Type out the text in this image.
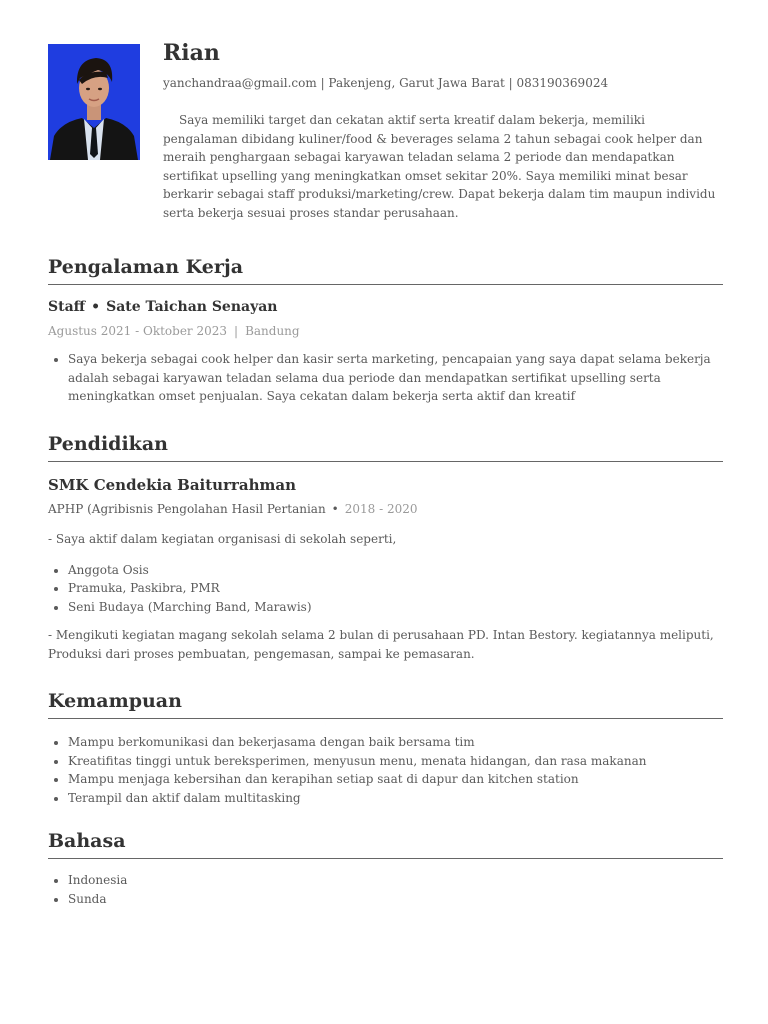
Rian
yanchandraa@gmail.com | Pakenjeng, Garut Jawa Barat | 083190369024
Saya memiliki target dan cekatan aktif serta kreatif dalam bekerja, memiliki pengalaman dibidang kuliner/food & beverages selama 2 tahun sebagai cook helper dan meraih penghargaan sebagai karyawan teladan selama 2 periode dan mendapatkan sertifikat upselling yang meningkatkan omset sekitar 20%. Saya memiliki minat besar berkarir sebagai staff produksi/marketing/crew. Dapat bekerja dalam tim maupun individu serta bekerja sesuai proses standar perusahaan.
Pengalaman Kerja
Staff • Sate Taichan Senayan
Agustus 2021 - Oktober 2023 | Bandung
• Saya bekerja sebagai cook helper dan kasir serta marketing, pencapaian yang saya dapat selama bekerja adalah sebagai karyawan teladan selama dua periode dan mendapatkan sertifikat upselling serta meningkatkan omset penjualan. Saya cekatan dalam bekerja serta aktif dan kreatif
Pendidikan
SMK Cendekia Baiturrahman
APHP (Agribisnis Pengolahan Hasil Pertanian • 2018 - 2020
- Saya aktif dalam kegiatan organisasi di sekolah seperti,
• Anggota Osis
• Pramuka, Paskibra, PMR
• Seni Budaya (Marching Band, Marawis)
- Mengikuti kegiatan magang sekolah selama 2 bulan di perusahaan PD. Intan Bestory. kegiatannya meliputi, Produksi dari proses pembuatan, pengemasan, sampai ke pemasaran.
Kemampuan
• Mampu berkomunikasi dan bekerjasama dengan baik bersama tim
• Kreatifitas tinggi untuk bereksperimen, menyusun menu, menata hidangan, dan rasa makanan
• Mampu menjaga kebersihan dan kerapihan setiap saat di dapur dan kitchen station
• Terampil dan aktif dalam multitasking
Bahasa
• Indonesia
• Sunda
